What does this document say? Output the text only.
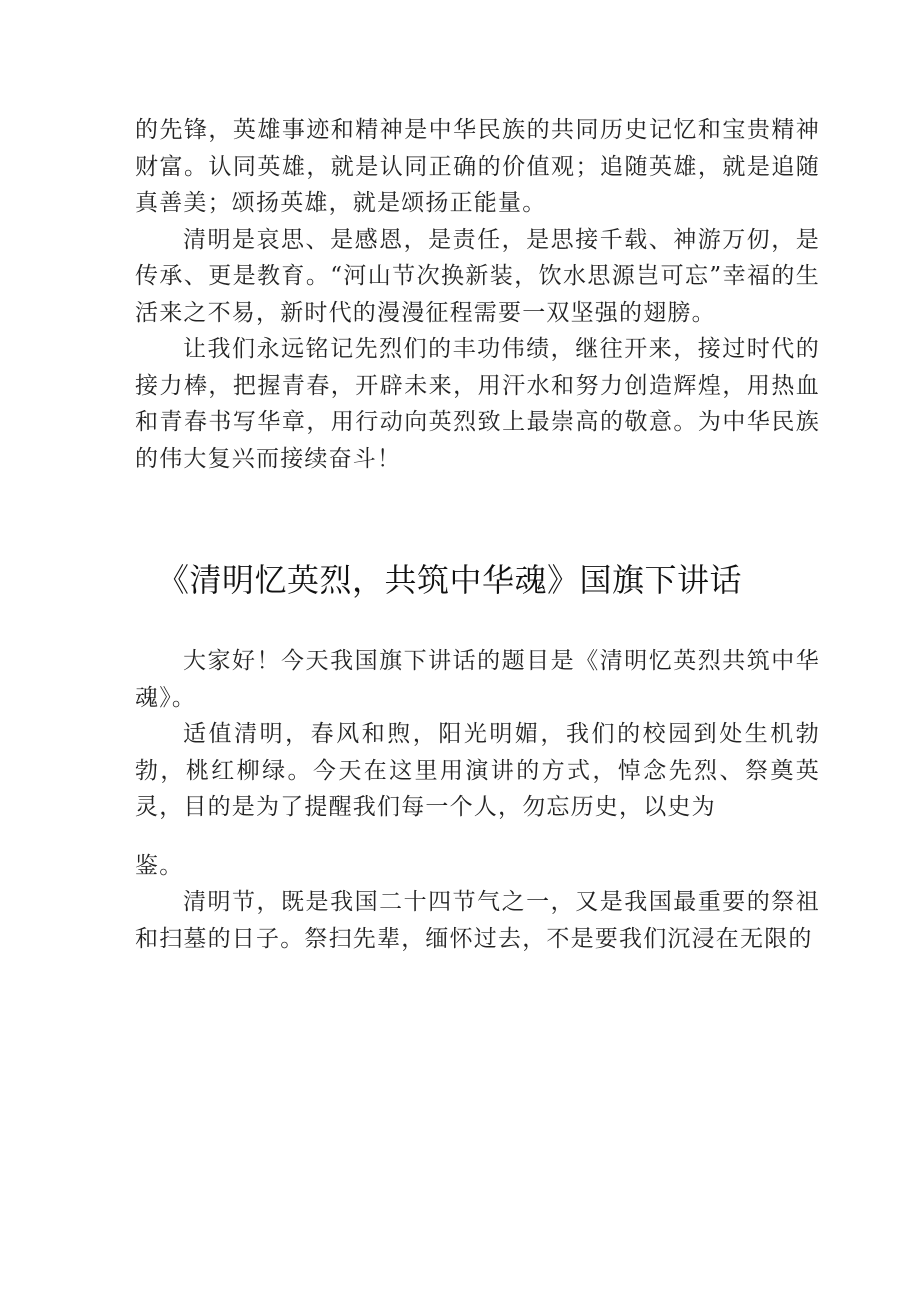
的先锋，英雄事迹和精神是中华民族的共同历史记忆和宝贵精神财富。认同英雄，就是认同正确的价值观；追随英雄，就是追随真善美；颂扬英雄，就是颂扬正能量。

清明是哀思、是感恩，是责任，是思接千载、神游万仞，是传承、更是教育。“河山节次换新装，饮水思源岂可忘”幸福的生活来之不易，新时代的漫漫征程需要一双坚强的翅膀。

让我们永远铭记先烈们的丰功伟绩，继往开来，接过时代的接力棒，把握青春，开辟未来，用汗水和努力创造辉煌，用热血和青春书写华章，用行动向英烈致上最崇高的敬意。为中华民族的伟大复兴而接续奋斗！

《清明忆英烈，共筑中华魂》国旗下讲话

大家好！今天我国旗下讲话的题目是《清明忆英烈共筑中华魂》。

适值清明，春风和煦，阳光明媚，我们的校园到处生机勃勃，桃红柳绿。今天在这里用演讲的方式，悼念先烈、祭奠英灵，目的是为了提醒我们每一个人，勿忘历史，以史为

鉴。

清明节，既是我国二十四节气之一，又是我国最重要的祭祖和扫墓的日子。祭扫先辈，缅怀过去，不是要我们沉浸在无限的
